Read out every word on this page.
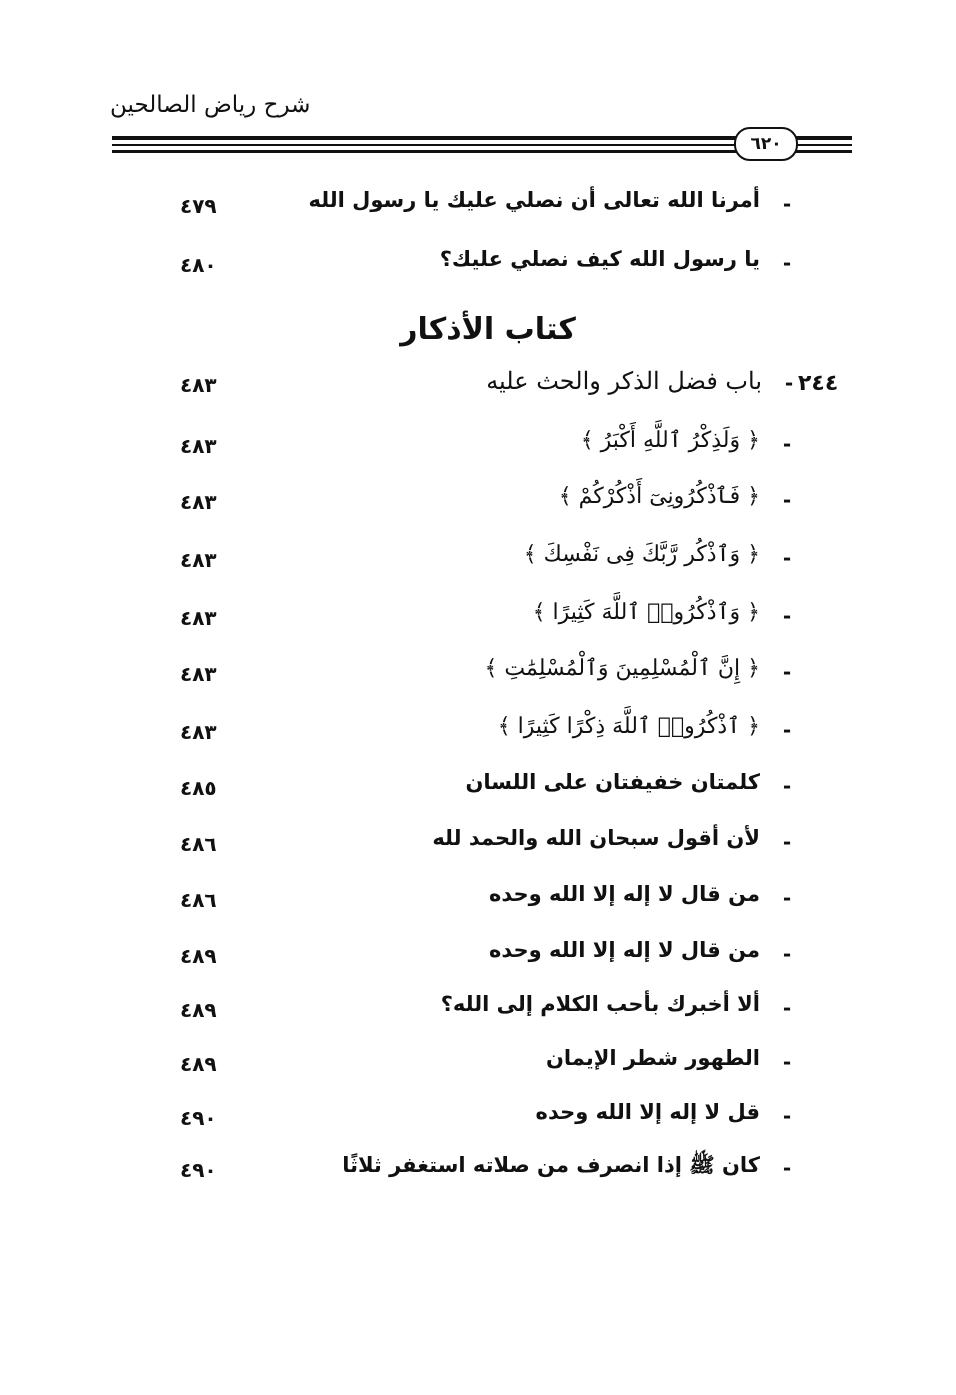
شرح رياض الصالحين
٦٢٠
٤٧٩	أمرنا الله تعالى أن نصلي عليك يا رسول الله -
٤٨٠	يا رسول الله كيف نصلي عليك؟ -
كتاب الأذكار
٤٨٣	باب فضل الذكر والحث عليه - ٢٤٤
٤٨٣	﴿ وَلَذِكْرُ ٱللَّهِ أَكْبَرُ ﴾ -
٤٨٣	﴿ فَٱذْكُرُونِىٓ أَذْكُرْكُمْ ﴾ -
٤٨٣	﴿ وَٱذْكُر رَّبَّكَ فِى نَفْسِكَ ﴾ -
٤٨٣	﴿ وَٱذْكُرُوا۟ ٱللَّهَ كَثِيرًا ﴾ -
٤٨٣	﴿ إِنَّ ٱلْمُسْلِمِينَ وَٱلْمُسْلِمَٰتِ ﴾ -
٤٨٣	﴿ ٱذْكُرُوا۟ ٱللَّهَ ذِكْرًا كَثِيرًا ﴾ -
٤٨٥	كلمتان خفيفتان على اللسان -
٤٨٦	لأن أقول سبحان الله والحمد لله -
٤٨٦	من قال لا إله إلا الله وحده -
٤٨٩	من قال لا إله إلا الله وحده -
٤٨٩	ألا أخبرك بأحب الكلام إلى الله؟ -
٤٨٩	الطهور شطر الإيمان -
٤٩٠	قل لا إله إلا الله وحده -
٤٩٠	كان ﷺ إذا انصرف من صلاته استغفر ثلاثًا -
